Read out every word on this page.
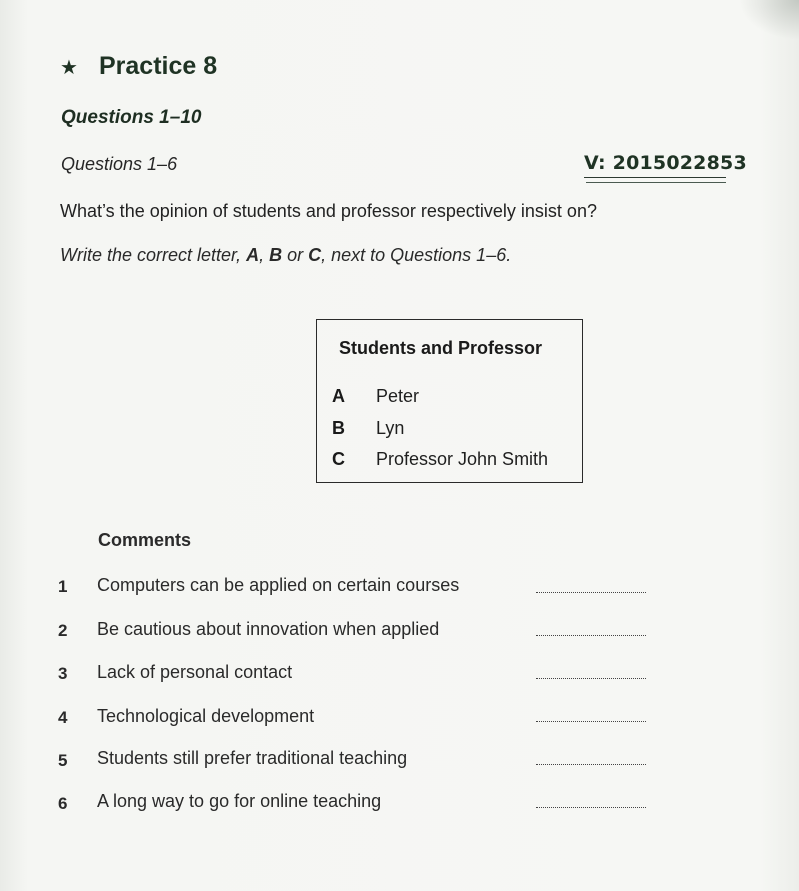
★ Practice 8
Questions 1–10
Questions 1–6	V: 2015022853
What’s the opinion of students and professor respectively insist on?
Write the correct letter, A, B or C, next to Questions 1–6.
Students and Professor
A Peter
B Lyn
C Professor John Smith
Comments
1 Computers can be applied on certain courses
2 Be cautious about innovation when applied
3 Lack of personal contact
4 Technological development
5 Students still prefer traditional teaching
6 A long way to go for online teaching
